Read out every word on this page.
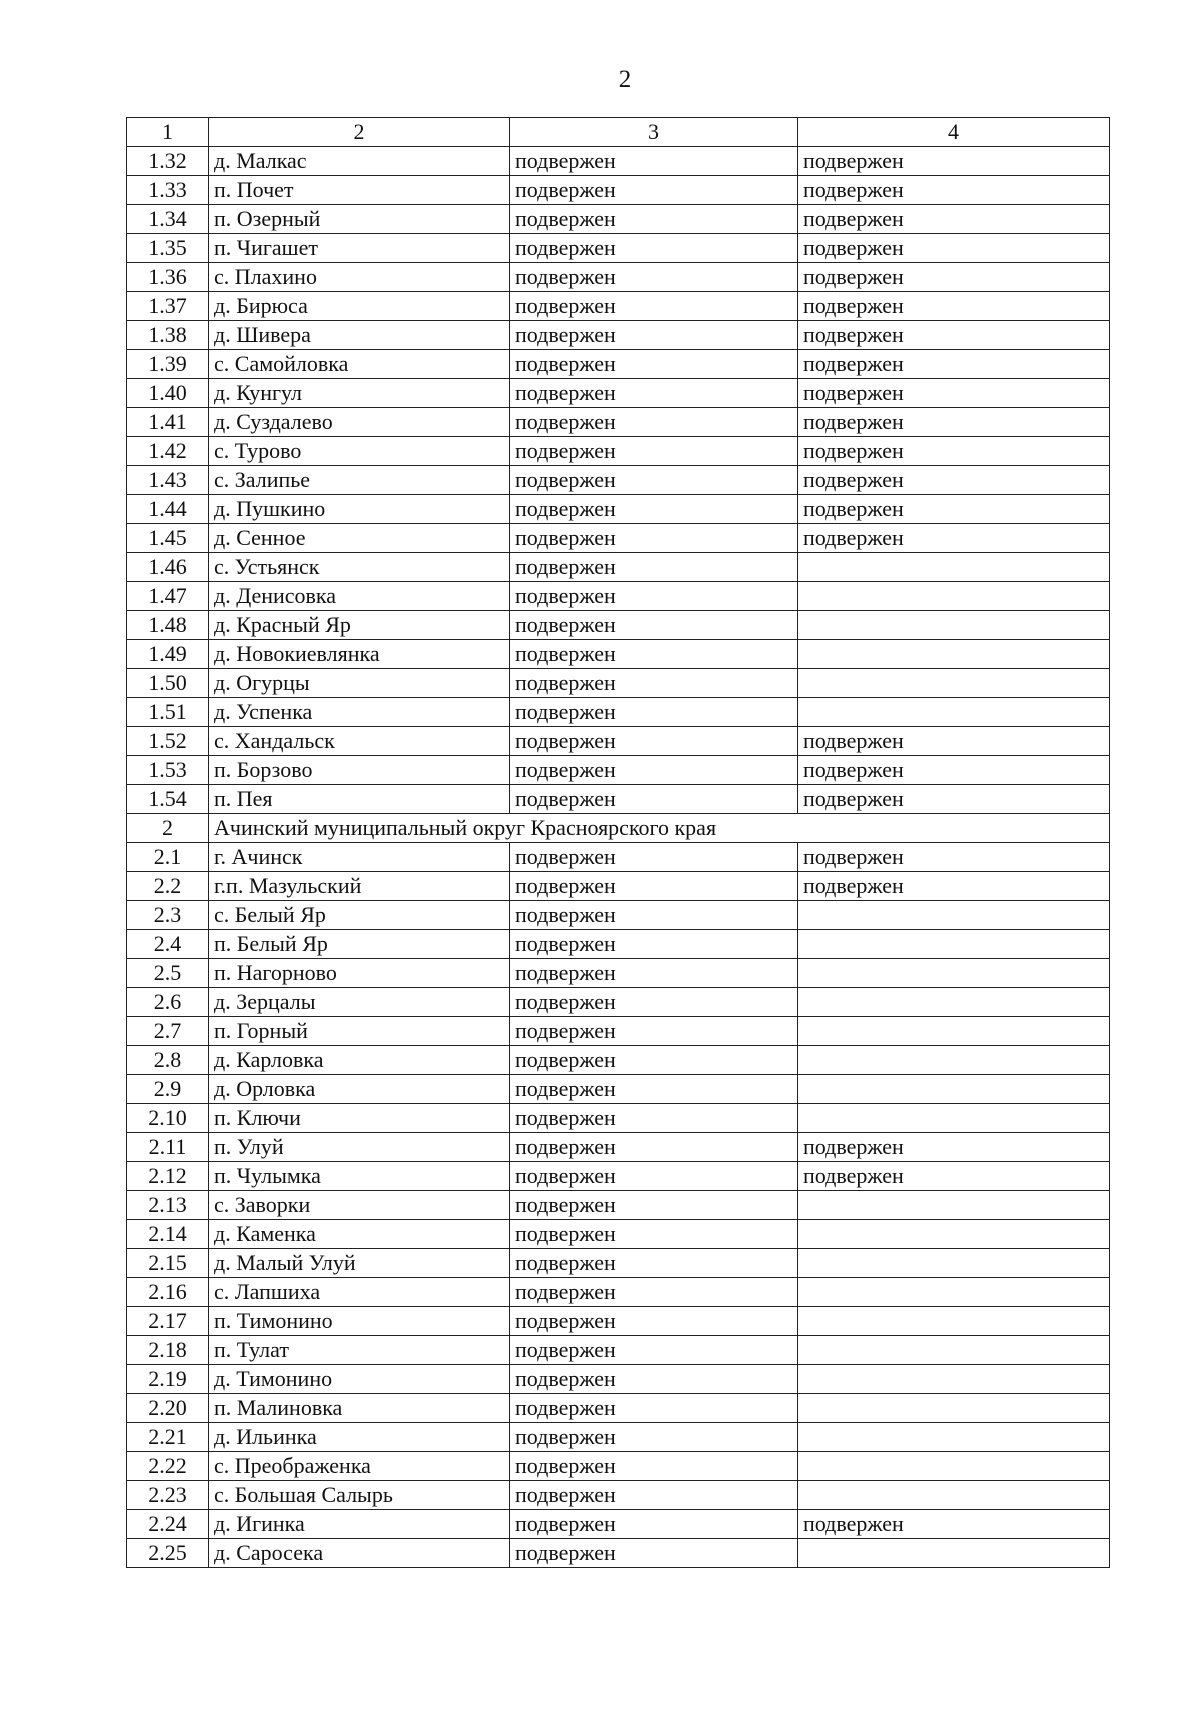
2
1	2	3	4
1.32	д. Малкас	подвержен	подвержен
1.33	п. Почет	подвержен	подвержен
1.34	п. Озерный	подвержен	подвержен
1.35	п. Чигашет	подвержен	подвержен
1.36	с. Плахино	подвержен	подвержен
1.37	д. Бирюса	подвержен	подвержен
1.38	д. Шивера	подвержен	подвержен
1.39	с. Самойловка	подвержен	подвержен
1.40	д. Кунгул	подвержен	подвержен
1.41	д. Суздалево	подвержен	подвержен
1.42	с. Турово	подвержен	подвержен
1.43	с. Залипье	подвержен	подвержен
1.44	д. Пушкино	подвержен	подвержен
1.45	д. Сенное	подвержен	подвержен
1.46	с. Устьянск	подвержен	
1.47	д. Денисовка	подвержен	
1.48	д. Красный Яр	подвержен	
1.49	д. Новокиевлянка	подвержен	
1.50	д. Огурцы	подвержен	
1.51	д. Успенка	подвержен	
1.52	с. Хандальск	подвержен	подвержен
1.53	п. Борзово	подвержен	подвержен
1.54	п. Пея	подвержен	подвержен
2	Ачинский муниципальный округ Красноярского края		
2.1	г. Ачинск	подвержен	подвержен
2.2	г.п. Мазульский	подвержен	подвержен
2.3	с. Белый Яр	подвержен	
2.4	п. Белый Яр	подвержен	
2.5	п. Нагорново	подвержен	
2.6	д. Зерцалы	подвержен	
2.7	п. Горный	подвержен	
2.8	д. Карловка	подвержен	
2.9	д. Орловка	подвержен	
2.10	п. Ключи	подвержен	
2.11	п. Улуй	подвержен	подвержен
2.12	п. Чулымка	подвержен	подвержен
2.13	с. Заворки	подвержен	
2.14	д. Каменка	подвержен	
2.15	д. Малый Улуй	подвержен	
2.16	с. Лапшиха	подвержен	
2.17	п. Тимонино	подвержен	
2.18	п. Тулат	подвержен	
2.19	д. Тимонино	подвержен	
2.20	п. Малиновка	подвержен	
2.21	д. Ильинка	подвержен	
2.22	с. Преображенка	подвержен	
2.23	с. Большая Салырь	подвержен	
2.24	д. Игинка	подвержен	подвержен
2.25	д. Саросека	подвержен	
